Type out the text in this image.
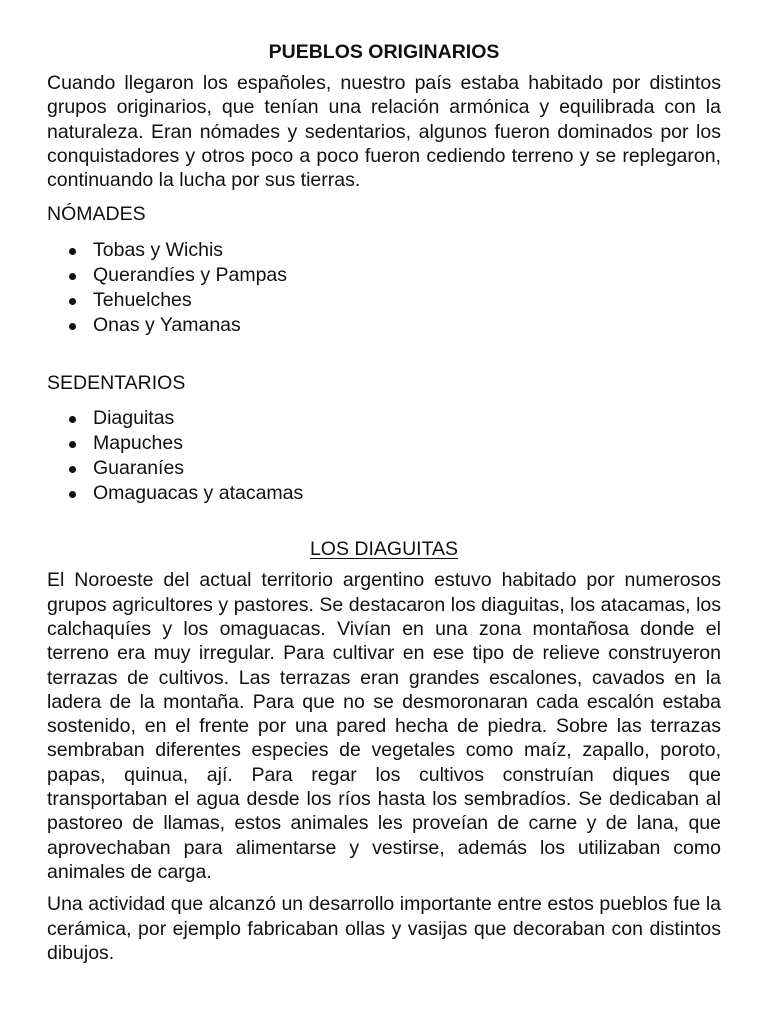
PUEBLOS ORIGINARIOS

Cuando llegaron los españoles, nuestro país estaba habitado por distintos grupos originarios, que tenían una relación armónica y equilibrada con la naturaleza. Eran nómades y sedentarios, algunos fueron dominados por los conquistadores y otros poco a poco fueron cediendo terreno y se replegaron, continuando la lucha por sus tierras.

NÓMADES

Tobas y Wichis
Querandíes y Pampas
Tehuelches
Onas y Yamanas

SEDENTARIOS

Diaguitas
Mapuches
Guaraníes
Omaguacas y atacamas
LOS DIAGUITAS

El Noroeste del actual territorio argentino estuvo habitado por numerosos grupos agricultores y pastores. Se destacaron los diaguitas, los atacamas, los calchaquíes y los omaguacas. Vivían en una zona montañosa donde el terreno era muy irregular. Para cultivar en ese tipo de relieve construyeron terrazas de cultivos. Las terrazas eran grandes escalones, cavados en la ladera de la montaña. Para que no se desmoronaran cada escalón estaba sostenido, en el frente por una pared hecha de piedra. Sobre las terrazas sembraban diferentes especies de vegetales como maíz, zapallo, poroto, papas, quinua, ají. Para regar los cultivos construían diques que transportaban el agua desde los ríos hasta los sembradíos. Se dedicaban al pastoreo de llamas, estos animales les proveían de carne y de lana, que aprovechaban para alimentarse y vestirse, además los utilizaban como animales de carga.

Una actividad que alcanzó un desarrollo importante entre estos pueblos fue la cerámica, por ejemplo fabricaban ollas y vasijas que decoraban con distintos dibujos.
